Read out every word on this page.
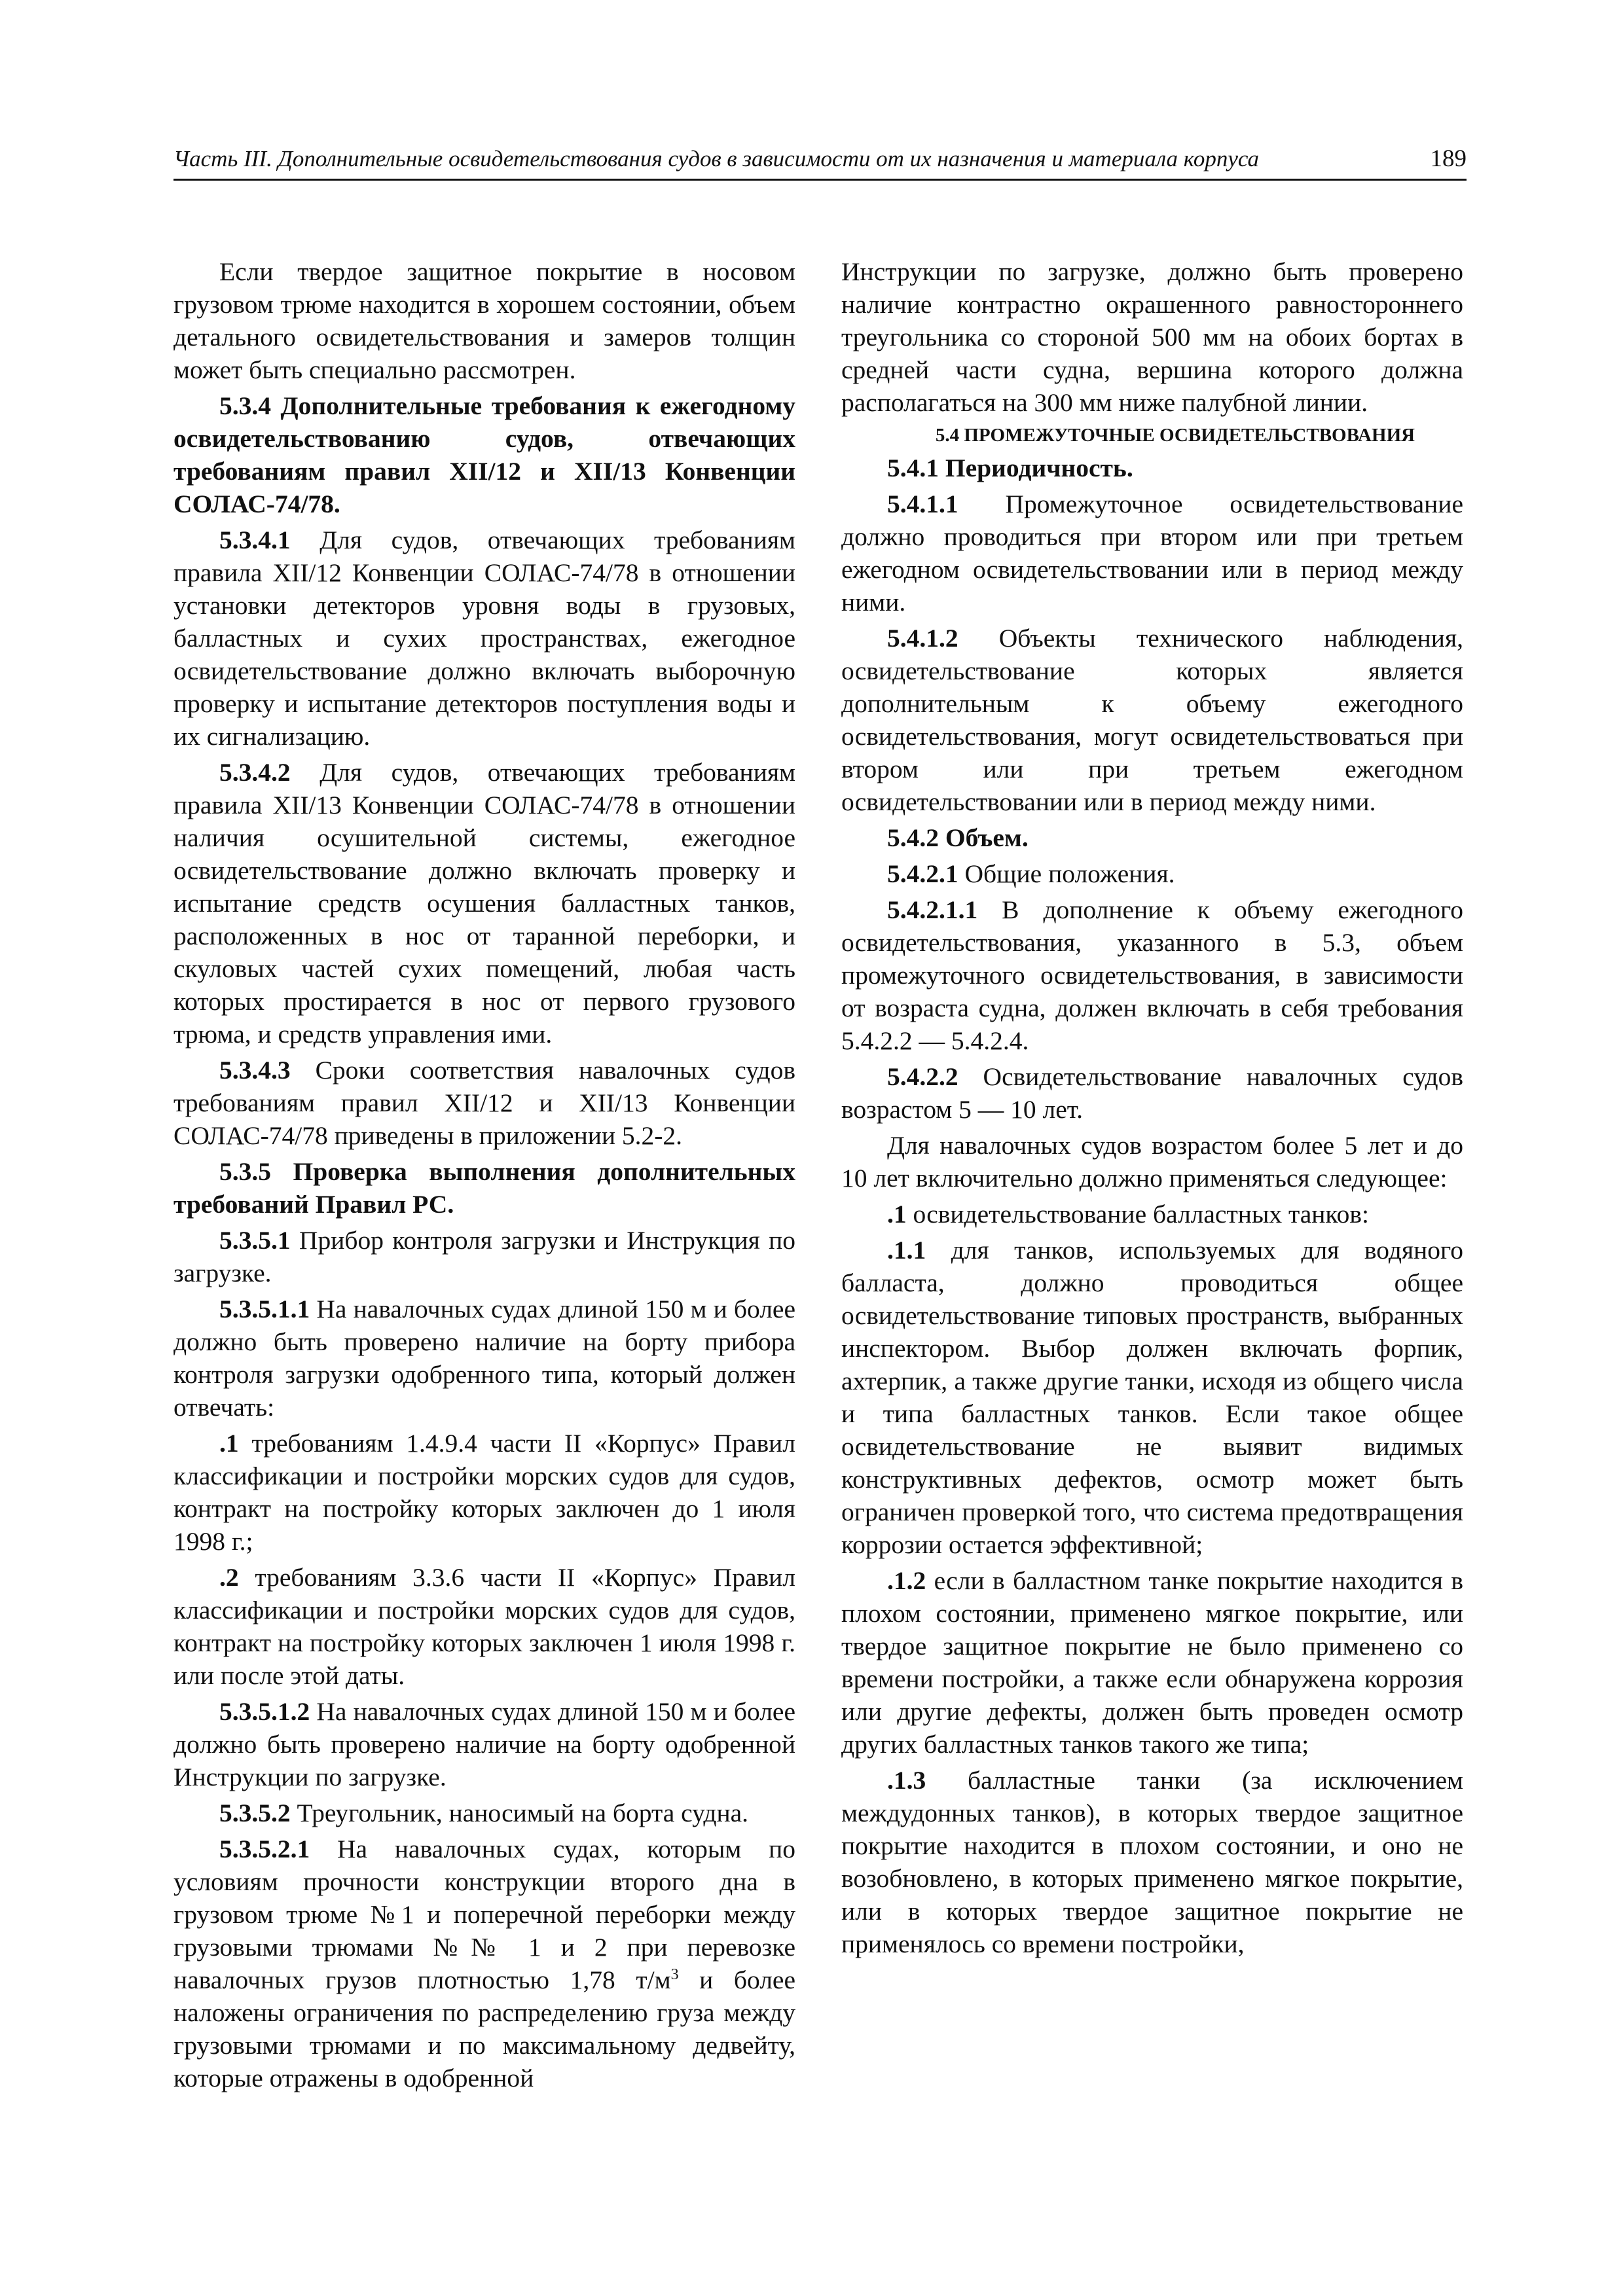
Часть III. Дополнительные освидетельствования судов в зависимости от их назначения и материала корпуса	189

Если твердое защитное покрытие в носовом грузовом трюме находится в хорошем состоянии, объем детального освидетельствования и замеров толщин может быть специально рассмотрен.

5.3.4 Дополнительные требования к ежегодному освидетельствованию судов, отвечающих требованиям правил XII/12 и XII/13 Конвенции СОЛАС-74/78.

5.3.4.1 Для судов, отвечающих требованиям правила XII/12 Конвенции СОЛАС-74/78 в отношении установки детекторов уровня воды в грузовых, балластных и сухих пространствах, ежегодное освидетельствование должно включать выборочную проверку и испытание детекторов поступления воды и их сигнализацию.

5.3.4.2 Для судов, отвечающих требованиям правила XII/13 Конвенции СОЛАС-74/78 в отношении наличия осушительной системы, ежегодное освидетельствование должно включать проверку и испытание средств осушения балластных танков, расположенных в нос от таранной переборки, и скуловых частей сухих помещений, любая часть которых простирается в нос от первого грузового трюма, и средств управления ими.

5.3.4.3 Сроки соответствия навалочных судов требованиям правил XII/12 и XII/13 Конвенции СОЛАС-74/78 приведены в приложении 5.2-2.

5.3.5 Проверка выполнения дополнительных требований Правил РС.

5.3.5.1 Прибор контроля загрузки и Инструкция по загрузке.

5.3.5.1.1 На навалочных судах длиной 150 м и более должно быть проверено наличие на борту прибора контроля загрузки одобренного типа, который должен отвечать:

.1 требованиям 1.4.9.4 части II «Корпус» Правил классификации и постройки морских судов для судов, контракт на постройку которых заключен до 1 июля 1998 г.;

.2 требованиям 3.3.6 части II «Корпус» Правил классификации и постройки морских судов для судов, контракт на постройку которых заключен 1 июля 1998 г. или после этой даты.

5.3.5.1.2 На навалочных судах длиной 150 м и более должно быть проверено наличие на борту одобренной Инструкции по загрузке.

5.3.5.2 Треугольник, наносимый на борта судна.

5.3.5.2.1 На навалочных судах, которым по условиям прочности конструкции второго дна в грузовом трюме №1 и поперечной переборки между грузовыми трюмами №№ 1 и 2 при перевозке навалочных грузов плотностью 1,78 $т/м^3$ и более наложены ограничения по распределению груза между грузовыми трюмами и по максимальному дедвейту, которые отражены в одобренной

Инструкции по загрузке, должно быть проверено наличие контрастно окрашенного равностороннего треугольника со стороной 500 мм на обоих бортах в средней части судна, вершина которого должна располагаться на 300 мм ниже палубной линии.

5.4 ПРОМЕЖУТОЧНЫЕ ОСВИДЕТЕЛЬСТВОВАНИЯ

5.4.1 Периодичность.

5.4.1.1 Промежуточное освидетельствование должно проводиться при втором или при третьем ежегодном освидетельствовании или в период между ними.

5.4.1.2 Объекты технического наблюдения, освидетельствование которых является дополнительным к объему ежегодного освидетельствования, могут освидетельствоваться при втором или при третьем ежегодном освидетельствовании или в период между ними.

5.4.2 Объем.

5.4.2.1 Общие положения.

5.4.2.1.1 В дополнение к объему ежегодного освидетельствования, указанного в 5.3, объем промежуточного освидетельствования, в зависимости от возраста судна, должен включать в себя требования 5.4.2.2 — 5.4.2.4.

5.4.2.2 Освидетельствование навалочных судов возрастом 5 — 10 лет.

Для навалочных судов возрастом более 5 лет и до 10 лет включительно должно применяться следующее:

.1 освидетельствование балластных танков:

.1.1 для танков, используемых для водяного балласта, должно проводиться общее освидетельствование типовых пространств, выбранных инспектором. Выбор должен включать форпик, ахтерпик, а также другие танки, исходя из общего числа и типа балластных танков. Если такое общее освидетельствование не выявит видимых конструктивных дефектов, осмотр может быть ограничен проверкой того, что система предотвращения коррозии остается эффективной;

.1.2 если в балластном танке покрытие находится в плохом состоянии, применено мягкое покрытие, или твердое защитное покрытие не было применено со времени постройки, а также если обнаружена коррозия или другие дефекты, должен быть проведен осмотр других балластных танков такого же типа;

.1.3 балластные танки (за исключением междудонных танков), в которых твердое защитное покрытие находится в плохом состоянии, и оно не возобновлено, в которых применено мягкое покрытие, или в которых твердое защитное покрытие не применялось со времени постройки,
